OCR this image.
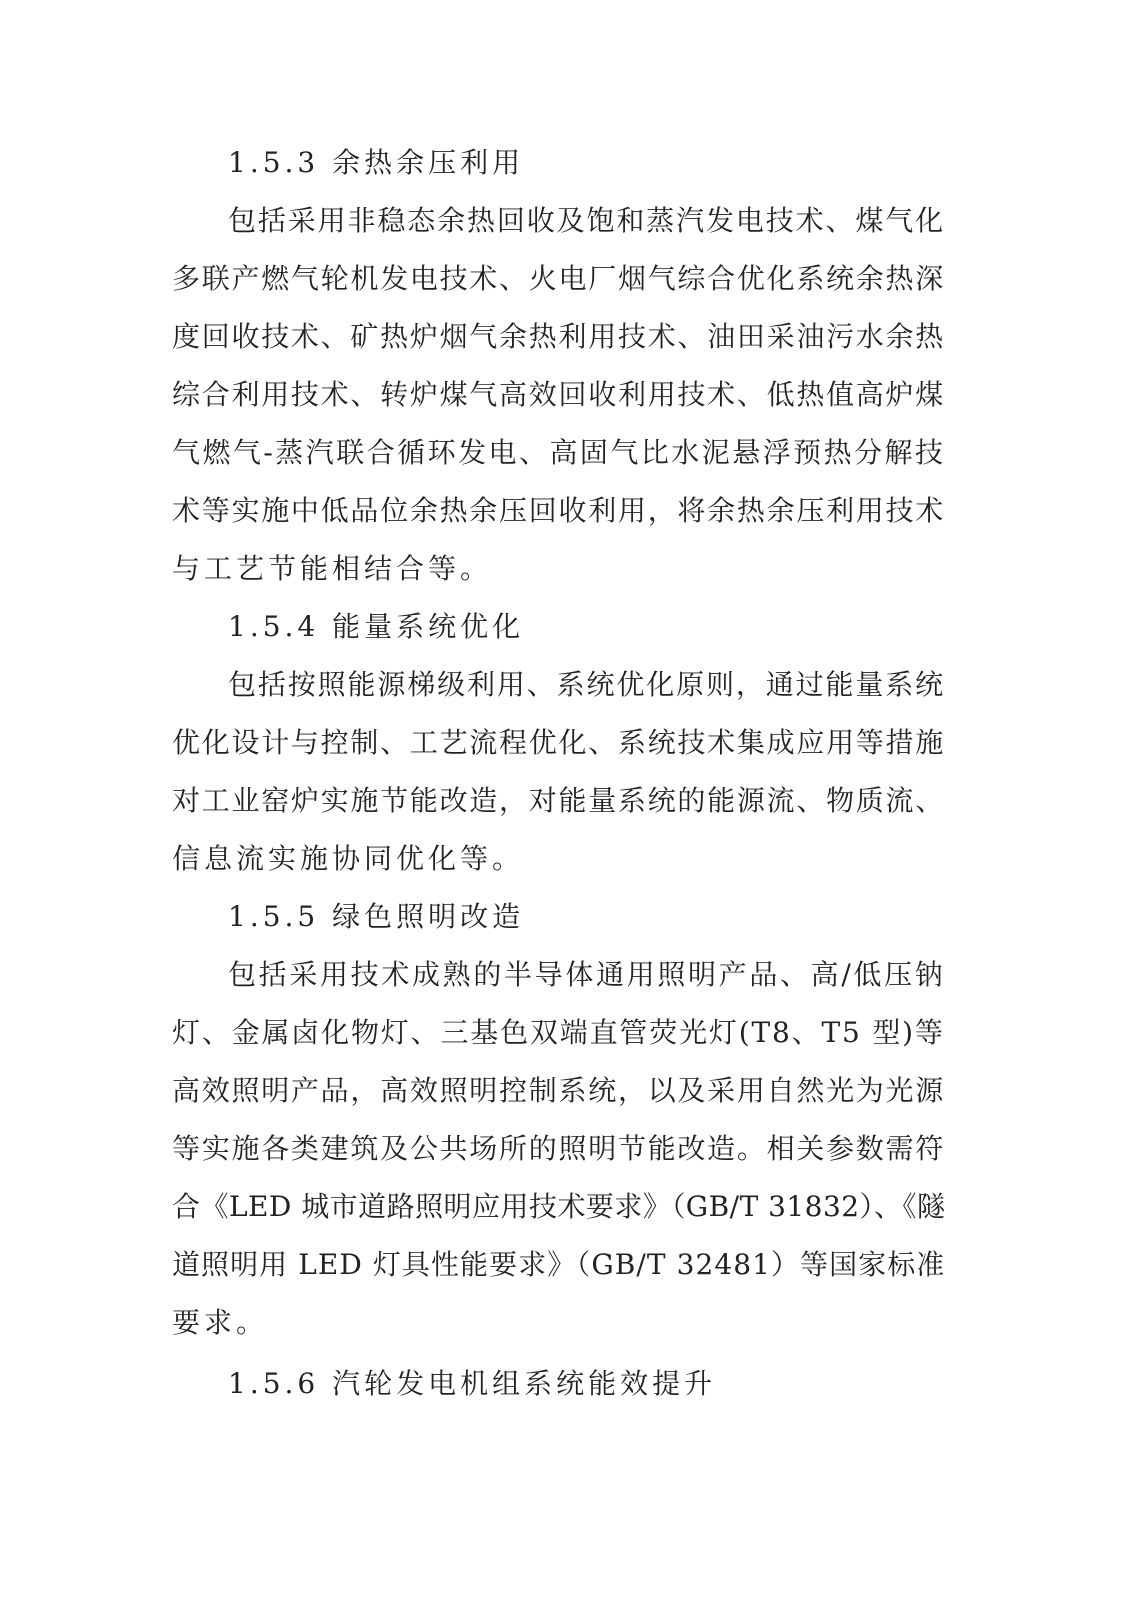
1.5.3 余热余压利用
包括采用非稳态余热回收及饱和蒸汽发电技术、煤气化
多联产燃气轮机发电技术、火电厂烟气综合优化系统余热深
度回收技术、矿热炉烟气余热利用技术、油田采油污水余热
综合利用技术、转炉煤气高效回收利用技术、低热值高炉煤
气燃气-蒸汽联合循环发电、高固气比水泥悬浮预热分解技
术等实施中低品位余热余压回收利用，将余热余压利用技术
与工艺节能相结合等。
1.5.4 能量系统优化
包括按照能源梯级利用、系统优化原则，通过能量系统
优化设计与控制、工艺流程优化、系统技术集成应用等措施
对工业窑炉实施节能改造，对能量系统的能源流、物质流、
信息流实施协同优化等。
1.5.5 绿色照明改造
包括采用技术成熟的半导体通用照明产品、高/低压钠
灯、金属卤化物灯、三基色双端直管荧光灯(T8、T5 型)等
高效照明产品，高效照明控制系统，以及采用自然光为光源
等实施各类建筑及公共场所的照明节能改造。相关参数需符
合《LED 城市道路照明应用技术要求》（GB/T 31832）、《隧
道照明用 LED 灯具性能要求》（GB/T 32481）等国家标准
要求。
1.5.6 汽轮发电机组系统能效提升
